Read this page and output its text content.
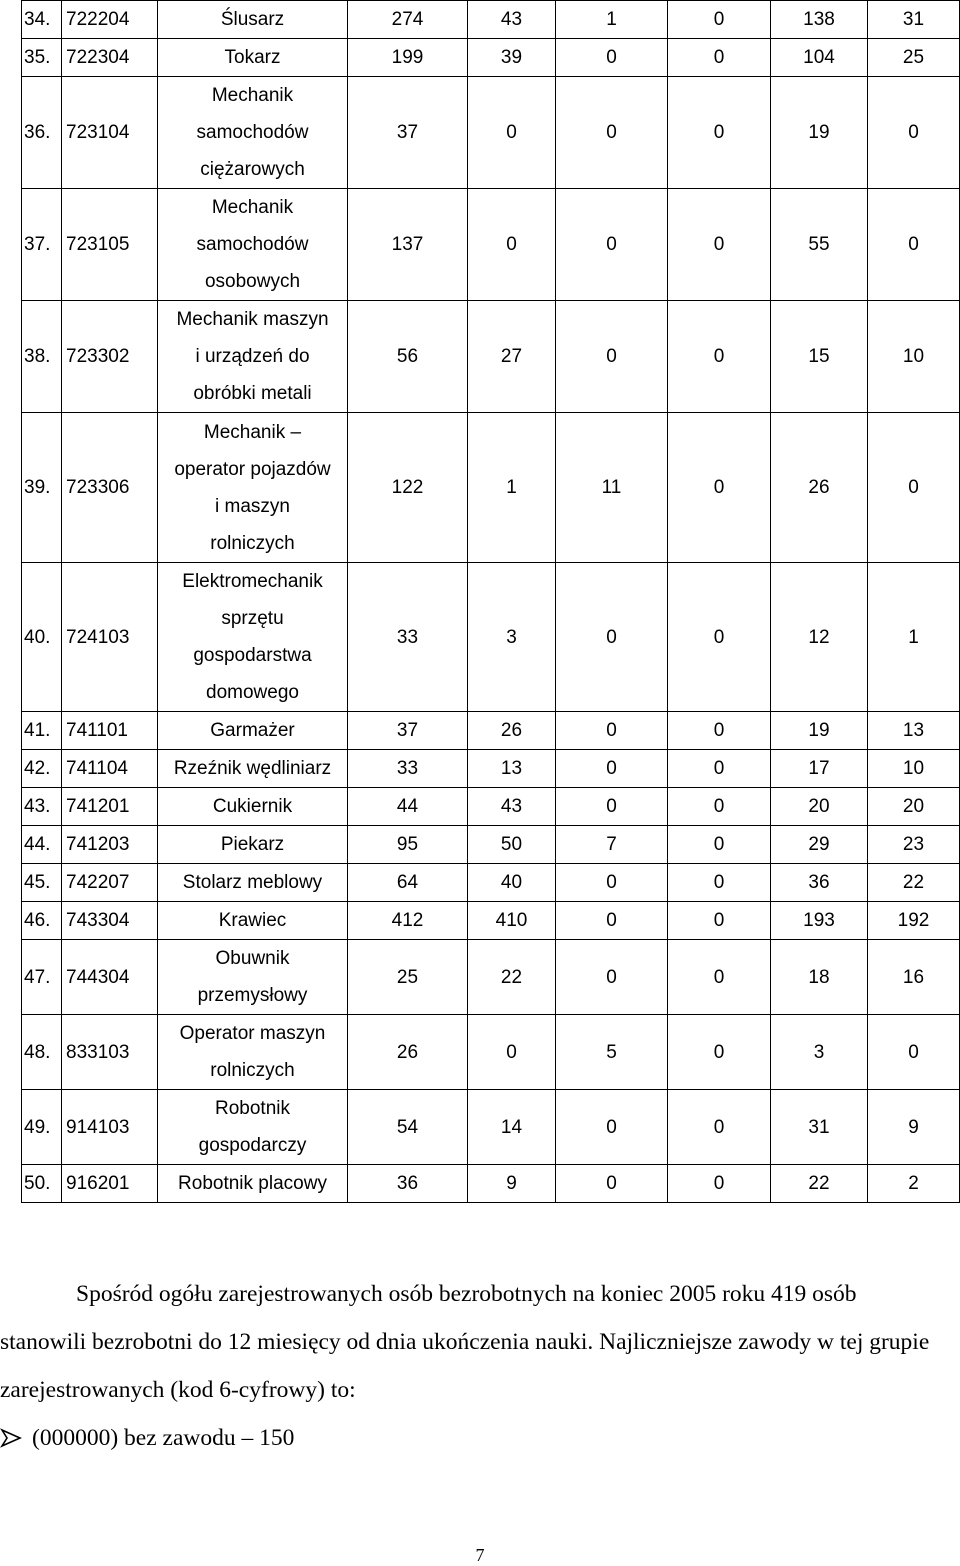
34.	722204	Ślusarz	274	43	1	0	138	31
35.	722304	Tokarz	199	39	0	0	104	25
36.	723104	Mechanik
samochodów
ciężarowych	37	0	0	0	19	0
37.	723105	Mechanik
samochodów
osobowych	137	0	0	0	55	0
38.	723302	Mechanik maszyn
i urządzeń do
obróbki metali	56	27	0	0	15	10
39.	723306	Mechanik –
operator pojazdów
i maszyn
rolniczych	122	1	11	0	26	0
40.	724103	Elektromechanik
sprzętu
gospodarstwa
domowego	33	3	0	0	12	1
41.	741101	Garmażer	37	26	0	0	19	13
42.	741104	Rzeźnik wędliniarz	33	13	0	0	17	10
43.	741201	Cukiernik	44	43	0	0	20	20
44.	741203	Piekarz	95	50	7	0	29	23
45.	742207	Stolarz meblowy	64	40	0	0	36	22
46.	743304	Krawiec	412	410	0	0	193	192
47.	744304	Obuwnik
przemysłowy	25	22	0	0	18	16
48.	833103	Operator maszyn
rolniczych	26	0	5	0	3	0
49.	914103	Robotnik
gospodarczy	54	14	0	0	31	9
50.	916201	Robotnik placowy	36	9	0	0	22	2
Spośród ogółu zarejestrowanych osób bezrobotnych na koniec 2005 roku 419 osób stanowili bezrobotni do 12 miesięcy od dnia ukończenia nauki. Najliczniejsze zawody w tej grupie zarejestrowanych (kod 6-cyfrowy) to:
(000000) bez zawodu – 150
7
